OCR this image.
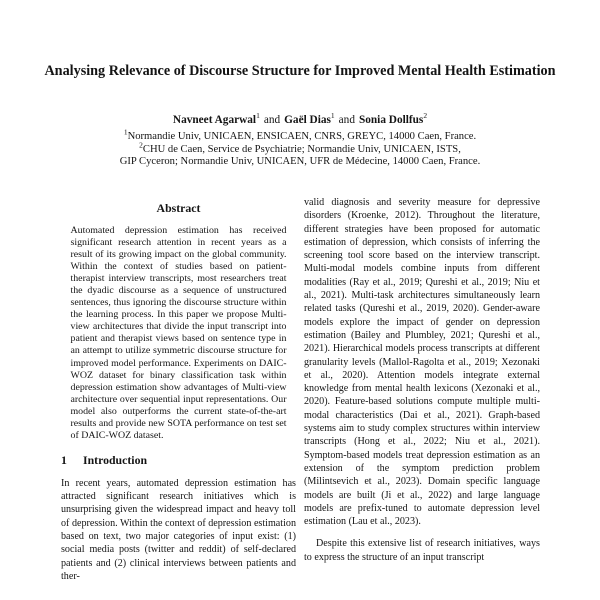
Analysing Relevance of Discourse Structure for Improved Mental Health Estimation
Navneet Agarwal$^1$ and Gaël Dias$^1$ and Sonia Dollfus$^2$
$^1$Normandie Univ, UNICAEN, ENSICAEN, CNRS, GREYC, 14000 Caen, France.
$^2$CHU de Caen, Service de Psychiatrie; Normandie Univ, UNICAEN, ISTS,
GIP Cyceron; Normandie Univ, UNICAEN, UFR de Médecine, 14000 Caen, France.
Abstract

Automated depression estimation has received significant research attention in recent years as a result of its growing impact on the global community. Within the context of studies based on patient-therapist interview transcripts, most researchers treat the dyadic discourse as a sequence of unstructured sentences, thus ignoring the discourse structure within the learning process. In this paper we propose Multi-view architectures that divide the input transcript into patient and therapist views based on sentence type in an attempt to utilize symmetric discourse structure for improved model performance. Experiments on DAIC-WOZ dataset for binary classification task within depression estimation show advantages of Multi-view architecture over sequential input representations. Our model also outperforms the current state-of-the-art results and provide new SOTA performance on test set of DAIC-WOZ dataset.

1 Introduction

In recent years, automated depression estimation has attracted significant research initiatives which is unsurprising given the widespread impact and heavy toll of depression. Within the context of depression estimation based on text, two major categories of input exist: (1) social media posts (twitter and reddit) of self-declared patients and (2) clinical interviews between patients and ther-

valid diagnosis and severity measure for depressive disorders (Kroenke, 2012). Throughout the literature, different strategies have been proposed for automatic estimation of depression, which consists of inferring the screening tool score based on the interview transcript. Multi-modal models combine inputs from different modalities (Ray et al., 2019; Qureshi et al., 2019; Niu et al., 2021). Multi-task architectures simultaneously learn related tasks (Qureshi et al., 2019, 2020). Gender-aware models explore the impact of gender on depression estimation (Bailey and Plumbley, 2021; Qureshi et al., 2021). Hierarchical models process transcripts at different granularity levels (Mallol-Ragolta et al., 2019; Xezonaki et al., 2020). Attention models integrate external knowledge from mental health lexicons (Xezonaki et al., 2020). Feature-based solutions compute multiple multi-modal characteristics (Dai et al., 2021). Graph-based systems aim to study complex structures within interview transcripts (Hong et al., 2022; Niu et al., 2021). Symptom-based models treat depression estimation as an extension of the symptom prediction problem (Milintsevich et al., 2023). Domain specific language models are built (Ji et al., 2022) and large language models are prefix-tuned to automate depression level estimation (Lau et al., 2023).

Despite this extensive list of research initiatives, ways to express the structure of an input transcript
